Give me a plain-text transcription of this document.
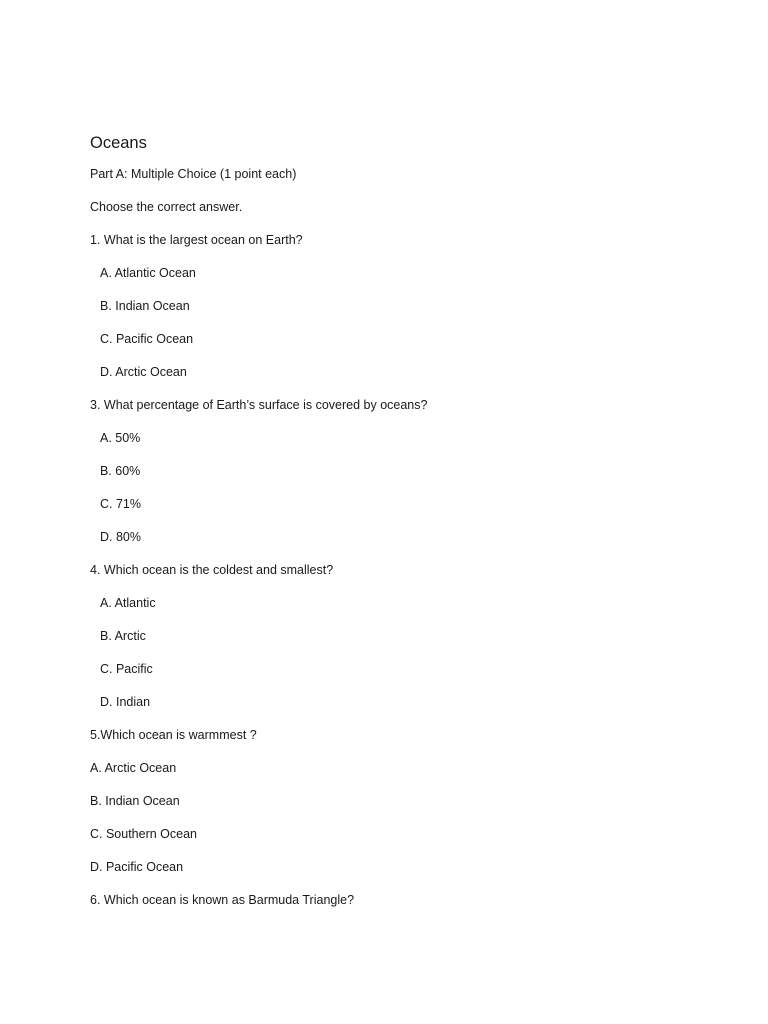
Oceans
Part A: Multiple Choice (1 point each)
Choose the correct answer.
1. What is the largest ocean on Earth?
A. Atlantic Ocean
B. Indian Ocean
C. Pacific Ocean
D. Arctic Ocean
3. What percentage of Earth’s surface is covered by oceans?
A. 50%
B. 60%
C. 71%
D. 80%
4. Which ocean is the coldest and smallest?
A. Atlantic
B. Arctic
C. Pacific
D. Indian
5.Which ocean is warmmest ?
A. Arctic Ocean
B. Indian Ocean
C. Southern Ocean
D. Pacific Ocean
6. Which ocean is known as Barmuda Triangle?
